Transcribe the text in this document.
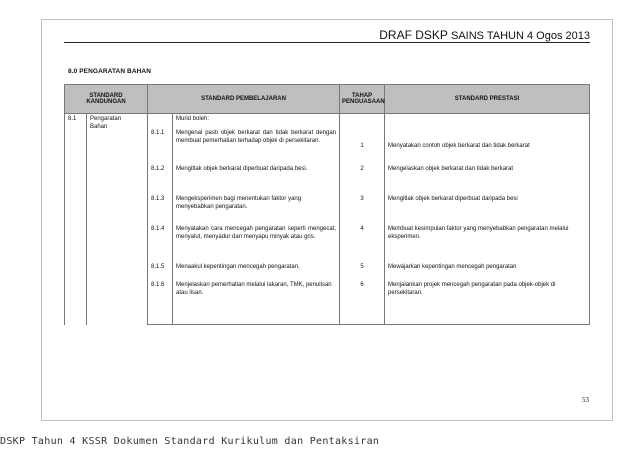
DRAF DSKP SAINS TAHUN 4 Ogos 2013
8.0 PENGARATAN BAHAN
STANDARD
KANDUNGAN		STANDARD PEMBELAJARAN		TAHAP
PENGUASAAN	STANDARD PRESTASI
8.1	Pengaratan
Bahan		Murid boleh:		
		8.1.1	Mengenal pasti objek berkarat dan tidak berkarat dengan membuat pemerhatian terhadap objek di persekitaran.	1	Menyatakan contoh objek berkarat dan tidak berkarat
		8.1.2	Mengitlak objek berkarat diperbuat daripada besi.	2	Mengelaskan objek berkarat dan tidak berkarat
		8.1.3	Mengeksperimen bagi menentukan faktor yang menyebabkan pengaratan.	3	Mengitlak objek berkarat diperbuat daripada besi
		8.1.4	Menyatakan cara mencegah pengaratan seperti mengecat, menyalut, menyadur dan menyapu minyak atau gris.	4	Membuat kesimpulan faktor yang menyebabkan pengaratan melalui eksperimen.
		8.1.5	Menaakul kepentingan mencegah pengaratan.	5	Mewajarkan kepentingan mencegah pengaratan
		8.1.6	Menjelaskan pemerhatian melalui lakaran, TMK, penulisan atau lisan.	6	Menjalankan projek mencegah pengaratan pada objek-objek di persekitaran.
53
DSKP Tahun 4 KSSR Dokumen Standard Kurikulum dan Pentaksiran
